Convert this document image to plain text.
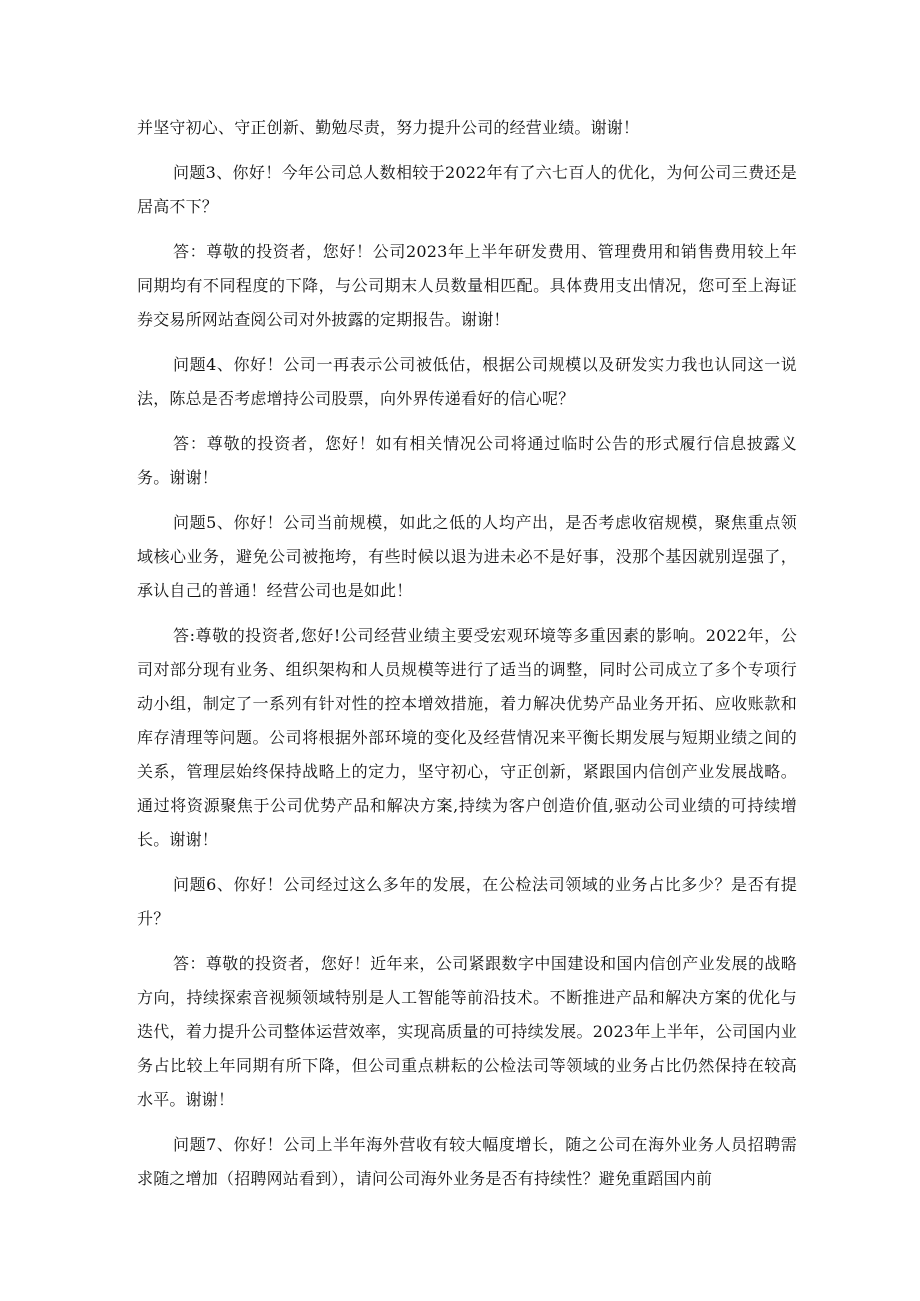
并坚守初心、守正创新、勤勉尽责，努力提升公司的经营业绩。谢谢！

问题3、你好！今年公司总人数相较于2022年有了六七百人的优化，为何公司三费还是居高不下？

答：尊敬的投资者，您好！公司2023年上半年研发费用、管理费用和销售费用较上年同期均有不同程度的下降，与公司期末人员数量相匹配。具体费用支出情况，您可至上海证券交易所网站查阅公司对外披露的定期报告。谢谢！

问题4、你好！公司一再表示公司被低估，根据公司规模以及研发实力我也认同这一说法，陈总是否考虑增持公司股票，向外界传递看好的信心呢？

答：尊敬的投资者，您好！如有相关情况公司将通过临时公告的形式履行信息披露义务。谢谢！

问题5、你好！公司当前规模，如此之低的人均产出，是否考虑收宿规模，聚焦重点领域核心业务，避免公司被拖垮，有些时候以退为进未必不是好事，没那个基因就别逞强了，承认自己的普通！经营公司也是如此！

答:尊敬的投资者,您好!公司经营业绩主要受宏观环境等多重因素的影响。2022年，公司对部分现有业务、组织架构和人员规模等进行了适当的调整，同时公司成立了多个专项行动小组，制定了一系列有针对性的控本增效措施，着力解决优势产品业务开拓、应收账款和库存清理等问题。公司将根据外部环境的变化及经营情况来平衡长期发展与短期业绩之间的关系，管理层始终保持战略上的定力，坚守初心，守正创新，紧跟国内信创产业发展战略。通过将资源聚焦于公司优势产品和解决方案,持续为客户创造价值,驱动公司业绩的可持续增长。谢谢！

问题6、你好！公司经过这么多年的发展，在公检法司领域的业务占比多少？是否有提升？

答：尊敬的投资者，您好！近年来，公司紧跟数字中国建设和国内信创产业发展的战略方向，持续探索音视频领域特别是人工智能等前沿技术。不断推进产品和解决方案的优化与迭代，着力提升公司整体运营效率，实现高质量的可持续发展。2023年上半年，公司国内业务占比较上年同期有所下降，但公司重点耕耘的公检法司等领域的业务占比仍然保持在较高水平。谢谢！

问题7、你好！公司上半年海外营收有较大幅度增长，随之公司在海外业务人员招聘需求随之增加（招聘网站看到），请问公司海外业务是否有持续性？避免重蹈国内前
